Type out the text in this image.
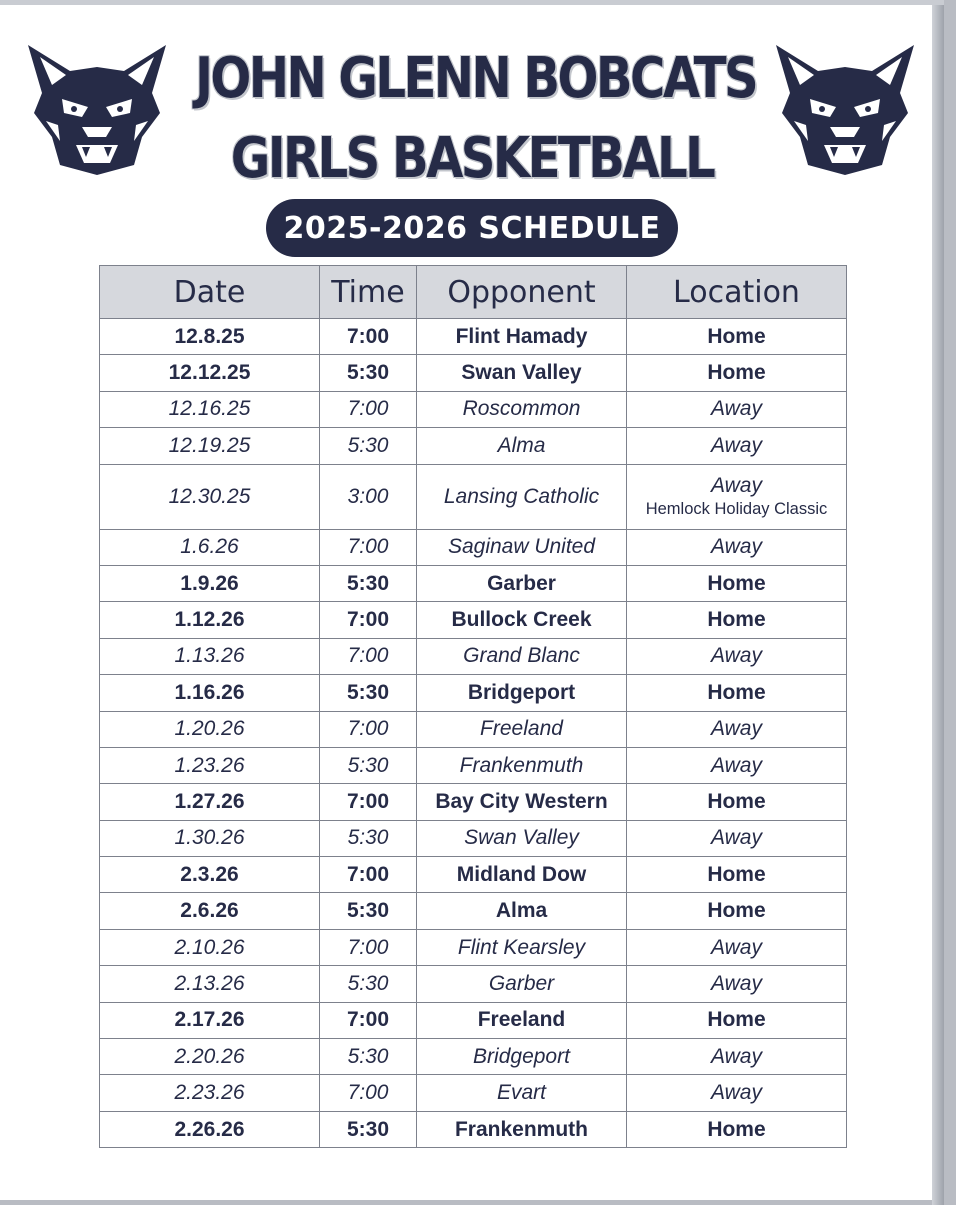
JOHN GLENN BOBCATS
GIRLS BASKETBALL
2025-2026 SCHEDULE
Date	Time	Opponent	Location
12.8.25	7:00	Flint Hamady	Home
12.12.25	5:30	Swan Valley	Home
12.16.25	7:00	Roscommon	Away
12.19.25	5:30	Alma	Away
12.30.25	3:00	Lansing Catholic	Away
Hemlock Holiday Classic

1.6.26	7:00	Saginaw United	Away
1.9.26	5:30	Garber	Home
1.12.26	7:00	Bullock Creek	Home
1.13.26	7:00	Grand Blanc	Away
1.16.26	5:30	Bridgeport	Home
1.20.26	7:00	Freeland	Away
1.23.26	5:30	Frankenmuth	Away
1.27.26	7:00	Bay City Western	Home
1.30.26	5:30	Swan Valley	Away
2.3.26	7:00	Midland Dow	Home
2.6.26	5:30	Alma	Home
2.10.26	7:00	Flint Kearsley	Away
2.13.26	5:30	Garber	Away
2.17.26	7:00	Freeland	Home
2.20.26	5:30	Bridgeport	Away
2.23.26	7:00	Evart	Away
2.26.26	5:30	Frankenmuth	Home
